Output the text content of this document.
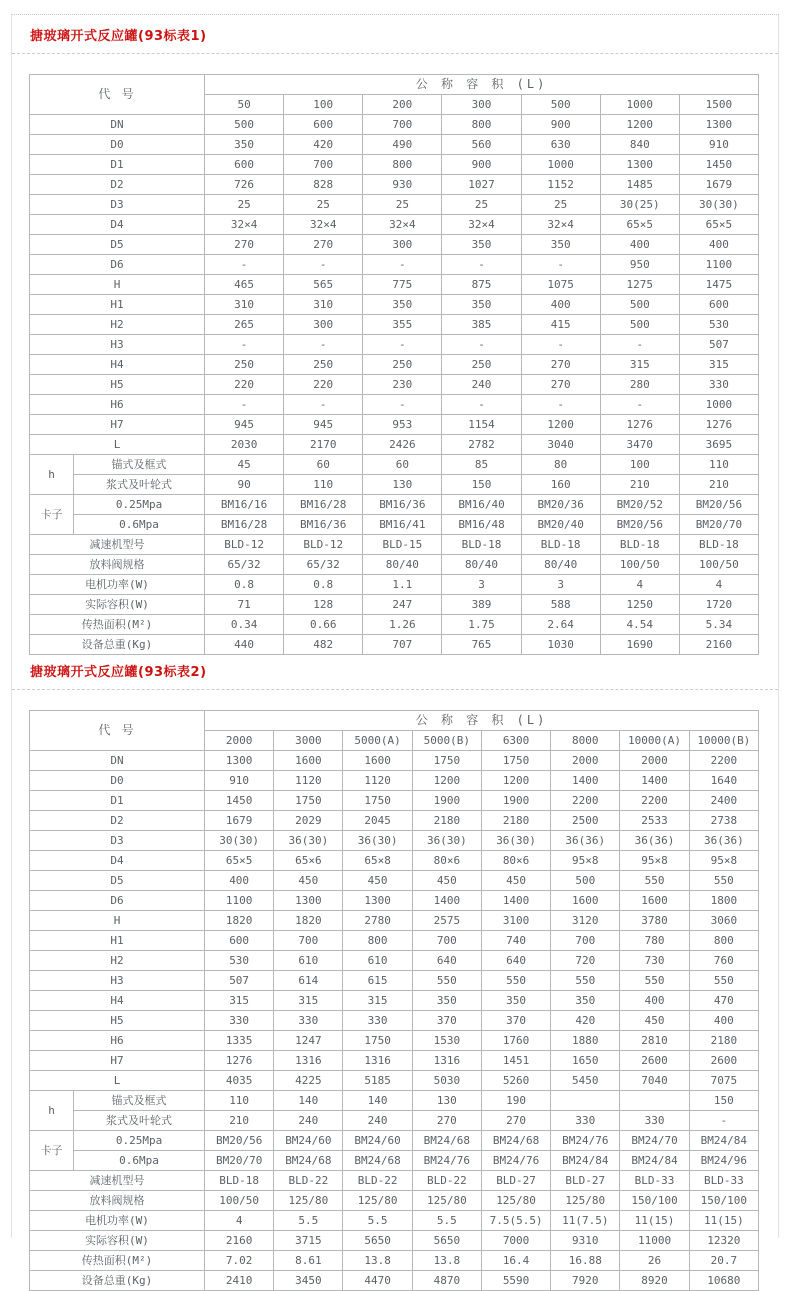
搪玻璃开式反应罐(93标表1)
代 号		公 称 容 积 (L)						
		50	100	200	300	500	1000	1500
DN		500	600	700	800	900	1200	1300
D0		350	420	490	560	630	840	910
D1		600	700	800	900	1000	1300	1450
D2		726	828	930	1027	1152	1485	1679
D3		25	25	25	25	25	30(25)	30(30)
D4		32×4	32×4	32×4	32×4	32×4	65×5	65×5
D5		270	270	300	350	350	400	400
D6		-	-	-	-	-	950	1100
H		465	565	775	875	1075	1275	1475
H1		310	310	350	350	400	500	600
H2		265	300	355	385	415	500	530
H3		-	-	-	-	-	-	507
H4		250	250	250	250	270	315	315
H5		220	220	230	240	270	280	330
H6		-	-	-	-	-	-	1000
H7		945	945	953	1154	1200	1276	1276
L		2030	2170	2426	2782	3040	3470	3695
h	锚式及框式	45	60	60	85	80	100	110
	浆式及叶轮式	90	110	130	150	160	210	210
卡子	0.25Mpa	BM16/16	BM16/28	BM16/36	BM16/40	BM20/36	BM20/52	BM20/56
	0.6Mpa	BM16/28	BM16/36	BM16/41	BM16/48	BM20/40	BM20/56	BM20/70
减速机型号		BLD-12	BLD-12	BLD-15	BLD-18	BLD-18	BLD-18	BLD-18
放料阀规格		65/32	65/32	80/40	80/40	80/40	100/50	100/50
电机功率(W)		0.8	0.8	1.1	3	3	4	4
实际容积(W)		71	128	247	389	588	1250	1720
传热面积(M²)		0.34	0.66	1.26	1.75	2.64	4.54	5.34
设备总重(Kg)		440	482	707	765	1030	1690	2160
搪玻璃开式反应罐(93标表2)
代 号		公 称 容 积 (L)							
		2000	3000	5000(A)	5000(B)	6300	8000	10000(A)	10000(B)
DN		1300	1600	1600	1750	1750	2000	2000	2200
D0		910	1120	1120	1200	1200	1400	1400	1640
D1		1450	1750	1750	1900	1900	2200	2200	2400
D2		1679	2029	2045	2180	2180	2500	2533	2738
D3		30(30)	36(30)	36(30)	36(30)	36(30)	36(36)	36(36)	36(36)
D4		65×5	65×6	65×8	80×6	80×6	95×8	95×8	95×8
D5		400	450	450	450	450	500	550	550
D6		1100	1300	1300	1400	1400	1600	1600	1800
H		1820	1820	2780	2575	3100	3120	3780	3060
H1		600	700	800	700	740	700	780	800
H2		530	610	610	640	640	720	730	760
H3		507	614	615	550	550	550	550	550
H4		315	315	315	350	350	350	400	470
H5		330	330	330	370	370	420	450	400
H6		1335	1247	1750	1530	1760	1880	2810	2180
H7		1276	1316	1316	1316	1451	1650	2600	2600
L		4035	4225	5185	5030	5260	5450	7040	7075
h	锚式及框式	110	140	140	130	190			150
	浆式及叶轮式	210	240	240	270	270	330	330	-
卡子	0.25Mpa	BM20/56	BM24/60	BM24/60	BM24/68	BM24/68	BM24/76	BM24/70	BM24/84
	0.6Mpa	BM20/70	BM24/68	BM24/68	BM24/76	BM24/76	BM24/84	BM24/84	BM24/96
减速机型号		BLD-18	BLD-22	BLD-22	BLD-22	BLD-27	BLD-27	BLD-33	BLD-33
放料阀规格		100/50	125/80	125/80	125/80	125/80	125/80	150/100	150/100
电机功率(W)		4	5.5	5.5	5.5	7.5(5.5)	11(7.5)	11(15)	11(15)
实际容积(W)		2160	3715	5650	5650	7000	9310	11000	12320
传热面积(M²)		7.02	8.61	13.8	13.8	16.4	16.88	26	20.7
设备总重(Kg)		2410	3450	4470	4870	5590	7920	8920	10680
